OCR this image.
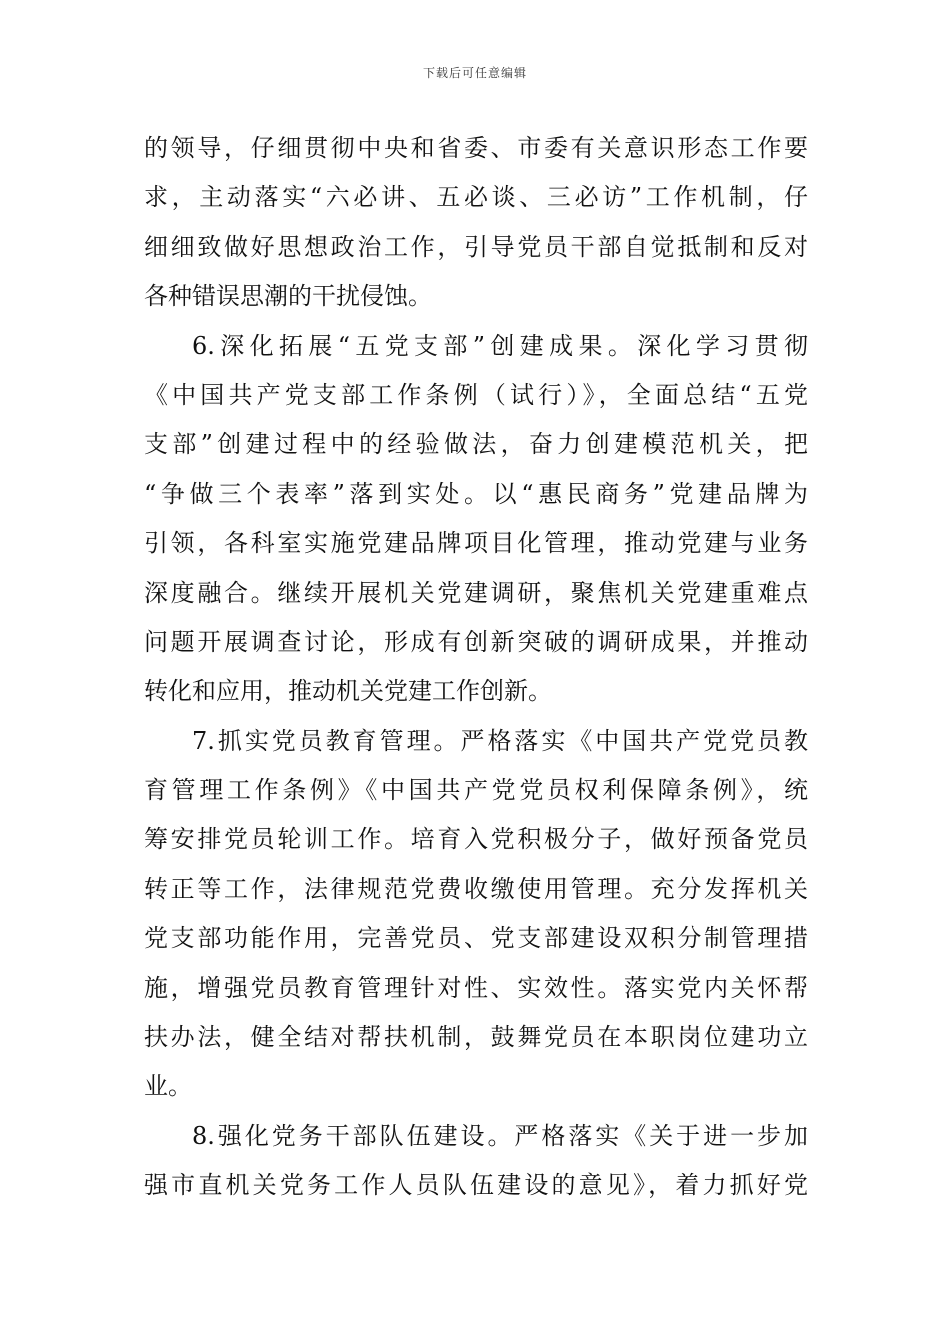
下载后可任意编辑
的领导，仔细贯彻中央和省委、市委有关意识形态工作要
求，主动落实“六必讲、五必谈、三必访”工作机制，仔
细细致做好思想政治工作，引导党员干部自觉抵制和反对
各种错误思潮的干扰侵蚀。
6.深化拓展“五党支部”创建成果。深化学习贯彻
《中国共产党支部工作条例（试行）》，全面总结“五党
支部”创建过程中的经验做法，奋力创建模范机关，把
“争做三个表率”落到实处。以“惠民商务”党建品牌为
引领，各科室实施党建品牌项目化管理，推动党建与业务
深度融合。继续开展机关党建调研，聚焦机关党建重难点
问题开展调查讨论，形成有创新突破的调研成果，并推动
转化和应用，推动机关党建工作创新。
7.抓实党员教育管理。严格落实《中国共产党党员教
育管理工作条例》《中国共产党党员权利保障条例》，统
筹安排党员轮训工作。培育入党积极分子，做好预备党员
转正等工作，法律规范党费收缴使用管理。充分发挥机关
党支部功能作用，完善党员、党支部建设双积分制管理措
施，增强党员教育管理针对性、实效性。落实党内关怀帮
扶办法，健全结对帮扶机制，鼓舞党员在本职岗位建功立
业。
8.强化党务干部队伍建设。严格落实《关于进一步加
强市直机关党务工作人员队伍建设的意见》，着力抓好党
